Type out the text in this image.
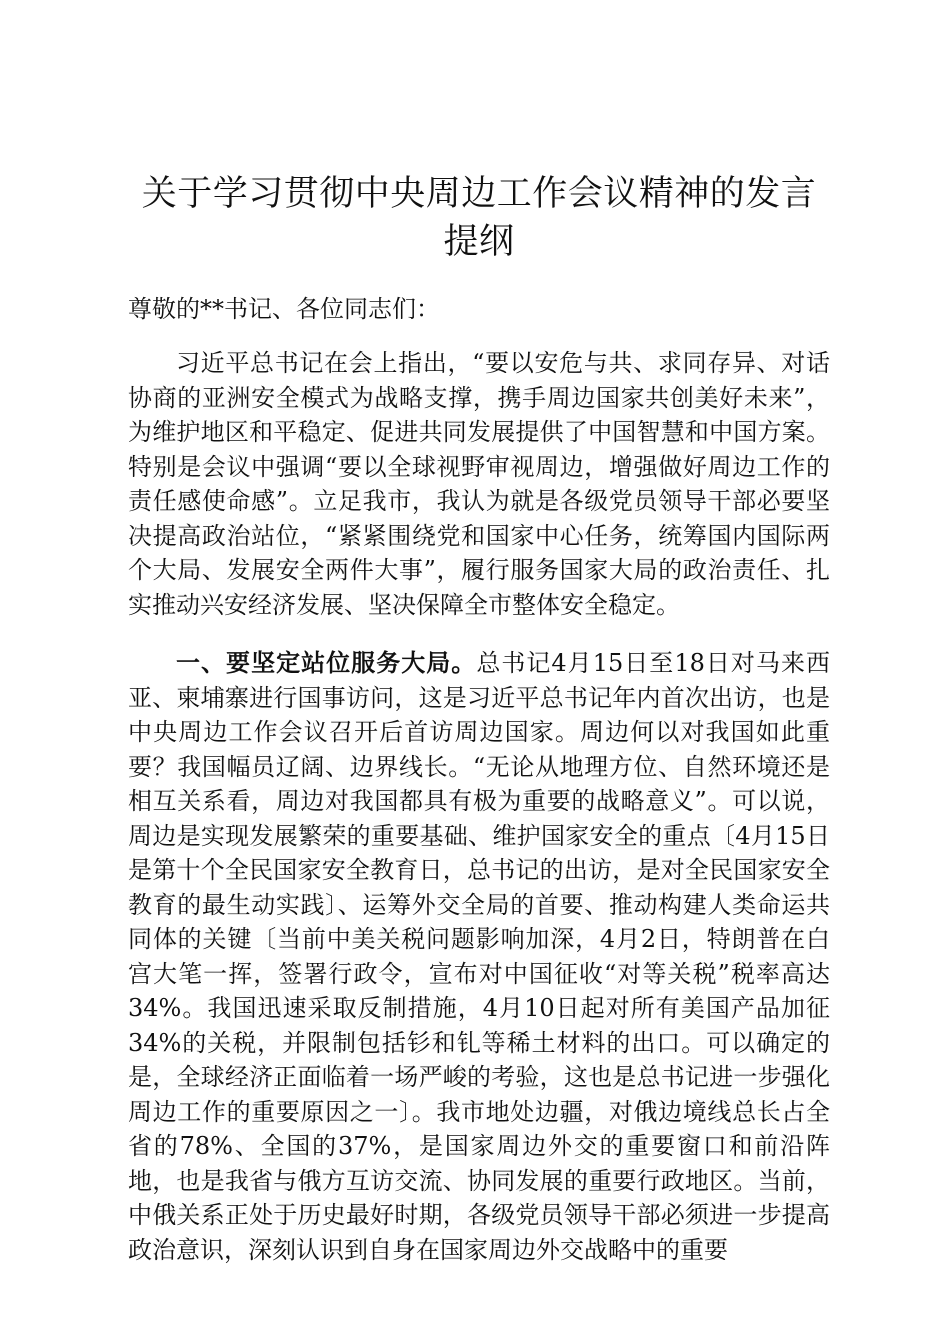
关于学习贯彻中央周边工作会议精神的发言提纲

尊敬的**书记、各位同志们：

习近平总书记在会上指出，“要以安危与共、求同存异、对话协商的亚洲安全模式为战略支撑，携手周边国家共创美好未来”，为维护地区和平稳定、促进共同发展提供了中国智慧和中国方案。特别是会议中强调“要以全球视野审视周边，增强做好周边工作的责任感使命感”。立足我市，我认为就是各级党员领导干部必要坚决提高政治站位，“紧紧围绕党和国家中心任务，统筹国内国际两个大局、发展安全两件大事”，履行服务国家大局的政治责任、扎实推动兴安经济发展、坚决保障全市整体安全稳定。

一、要坚定站位服务大局。总书记4月15日至18日对马来西亚、柬埔寨进行国事访问，这是习近平总书记年内首次出访，也是中央周边工作会议召开后首访周边国家。周边何以对我国如此重要？我国幅员辽阔、边界线长。“无论从地理方位、自然环境还是相互关系看，周边对我国都具有极为重要的战略意义”。可以说，周边是实现发展繁荣的重要基础、维护国家安全的重点〔4月15日是第十个全民国家安全教育日，总书记的出访，是对全民国家安全教育的最生动实践〕、运筹外交全局的首要、推动构建人类命运共同体的关键〔当前中美关税问题影响加深，4月2日，特朗普在白宫大笔一挥，签署行政令，宣布对中国征收“对等关税”税率高达34%。我国迅速采取反制措施，4月10日起对所有美国产品加征34%的关税，并限制包括钐和钆等稀土材料的出口。可以确定的是，全球经济正面临着一场严峻的考验，这也是总书记进一步强化周边工作的重要原因之一〕。我市地处边疆，对俄边境线总长占全省的78%、全国的37%，是国家周边外交的重要窗口和前沿阵地，也是我省与俄方互访交流、协同发展的重要行政地区。当前，中俄关系正处于历史最好时期，各级党员领导干部必须进一步提高政治意识，深刻认识到自身在国家周边外交战略中的重要
